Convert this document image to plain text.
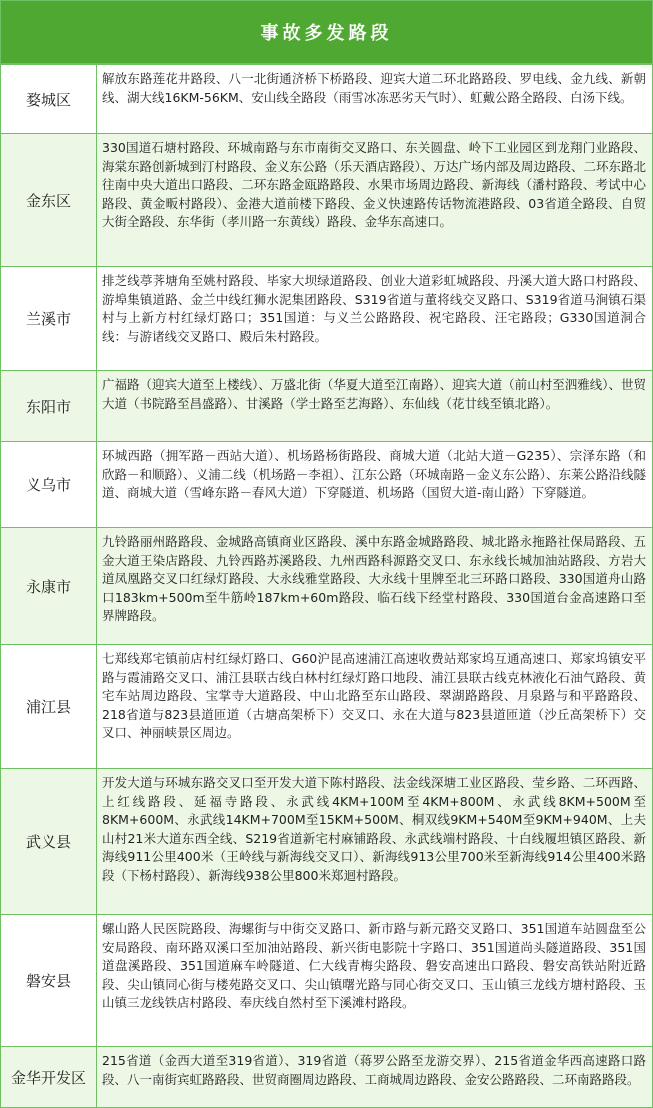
事故多发路段
婺城区
解放东路莲花井路段、八一北街通济桥下桥路段、迎宾大道二环北路路段、罗电线、金九线、新朝线、湖大线16KM-56KM、安山线全路段（雨雪冰冻恶劣天气时）、虹戴公路全路段、白汤下线。
金东区
330国道石塘村路段、环城南路与东市南街交叉路口、东关圆盘、岭下工业园区到龙翔门业路段、海棠东路创新城到汀村路段、金义东公路（乐天酒店路段）、万达广场内部及周边路段、二环东路北往南中央大道出口路段、二环东路金瓯路路段、水果市场周边路段、新海线（潘村路段、考试中心路段、黄金畈村路段）、金港大道前楼下路段、金义快速路传话物流港路段、03省道全路段、自贸大街全路段、东华街（孝川路一东黄线）路段、金华东高速口。
兰溪市
排芝线葶荠塘角至姚村路段、毕家大坝绿道路段、创业大道彩虹城路段、丹溪大道大路口村路段、游埠集镇道路、金兰中线红狮水泥集团路段、S319省道与董将线交叉路口、S319省道马涧镇石渠村与上新方村红绿灯路口；351国道：与义兰公路路段、祝宅路段、汪宅路段；G330国道洞合线：与游诸线交叉路口、殿后朱村路段。
东阳市
广福路（迎宾大道至上楼线）、万盛北街（华夏大道至江南路）、迎宾大道（前山村至泗雅线）、世贸大道（书院路至昌盛路）、甘溪路（学士路至艺海路）、东仙线（花廿线至镇北路）。
义乌市
环城西路（拥军路－西站大道）、机场路杨街路段、商城大道（北站大道－G235）、宗泽东路（和欣路－和顺路）、义浦二线（机场路－李祖）、江东公路（环城南路－金义东公路）、东莱公路沿线隧道、商城大道（雪峰东路－春风大道）下穿隧道、机场路（国贸大道-南山路）下穿隧道。
永康市
九铃路丽州路路段、金城路高镇商业区路段、溪中东路金城路路段、城北路永拖路社保局路段、五金大道王染店路段、九铃西路苏溪路段、九州西路科源路交叉口、东永线长城加油站路段、方岩大道凤凰路交叉口红绿灯路段、大永线雅堂路段、大永线十里牌至北三环路口路段、330国道舟山路口183km+500m至牛筋岭187km+60m路段、临石线下经堂村路段、330国道台金高速路口至界牌路段。
浦江县
七郑线郑宅镇前店村红绿灯路口、G60沪昆高速浦江高速收费站郑家坞互通高速口、郑家坞镇安平路与霞浦路交叉口、浦江县联古线白林村红绿灯路口地段、浦江县联古线克林液化石油气路段、黄宅车站周边路段、宝掌寺大道路段、中山北路至东山路段、翠湖路路段、月泉路与和平路路段、218省道与823县道匝道（古塘高架桥下）交叉口、永在大道与823县道匝道（沙丘高架桥下）交叉口、神丽峡景区周边。
武义县
开发大道与环城东路交叉口至开发大道下陈村路段、法金线深塘工业区路段、莹乡路、二环西路、上红线路段、延福寺路段、永武线4KM+100M至4KM+800M、永武线8KM+500M至8KM+600M、永武线14KM+700M至15KM+500M、桐双线9KM+540M至9KM+940M、上夫山村21米大道东西全线、S219省道新宅村麻铺路段、永武线端村路段、十白线履坦镇区路段、新海线911公里400米（王岭线与新海线交叉口）、新海线913公里700米至新海线914公里400米路段（下杨村路段）、新海线938公里800米郑迴村路段。
磐安县
螺山路人民医院路段、海螺街与中街交叉路口、新市路与新元路交叉路口、351国道车站圆盘至公安局路段、南环路双溪口至加油站路段、新兴街电影院十字路口、351国道尚头隧道路段、351国道盘溪路段、351国道麻车岭隧道、仁大线青梅尖路段、磐安高速出口路段、磐安高铁站附近路段、尖山镇同心街与楼苑路交叉口、尖山镇曙光路与同心街交叉口、玉山镇三龙线方塘村路段、玉山镇三龙线铁店村路段、奉庆线自然村至下溪滩村路段。
金华开发区
215省道（金西大道至319省道）、319省道（蒋罗公路至龙游交界）、215省道金华西高速路口路段、八一南街宾虹路路段、世贸商圈周边路段、工商城周边路段、金安公路路段、二环南路路段。
